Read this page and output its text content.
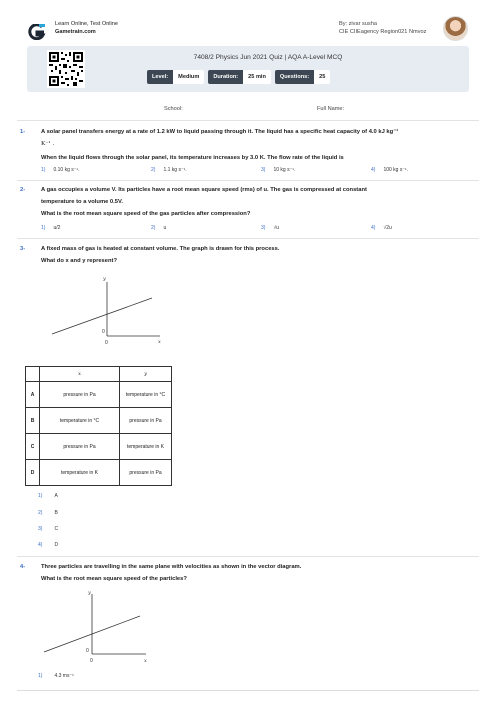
Learn Online, Test Online
Gametrain.com
By: zivar susha
CIE CIIEagency Region021 Nmvoz
7408/2 Physics Jun 2021 Quiz | AQA A-Level MCQ
Level:	Medium	Duration:	25 min	Questions:	25
School:	Full Name:
1-	A solar panel transfers energy at a rate of 1.2 kW to liquid passing through it. The liquid has a specific heat capacity of 4.0 kJ kg⁻¹
K⁻¹ .
When the liquid flows through the solar panel, its temperature increases by 3.0 K. The flow rate of the liquid is
1) 0.10 kg s⁻¹.	2) 1.1 kg s⁻¹.	3) 10 kg s⁻¹.	4) 100 kg s⁻¹.
2-	A gas occupies a volume V. Its particles have a root mean square speed (rms) of u. The gas is compressed at constant
temperature to a volume 0.5V.
What is the root mean square speed of the gas particles after compression?
1) u/2	2) u	3) √u	4) √2u
3-	A fixed mass of gas is heated at constant volume. The graph is drawn for this process.
What do x and y represent?
y
0
0	x
	x	y
A	pressure in Pa	temperature in °C
B	temperature in °C	pressure in Pa
C	pressure in Pa	temperature in K
D	temperature in K	pressure in Pa
1) A
2) B
3) C
4) D
4-	Three particles are travelling in the same plane with velocities as shown in the vector diagram.
What is the root mean square speed of the particles?
y
0
0	x
1) 4.3 ms⁻¹
